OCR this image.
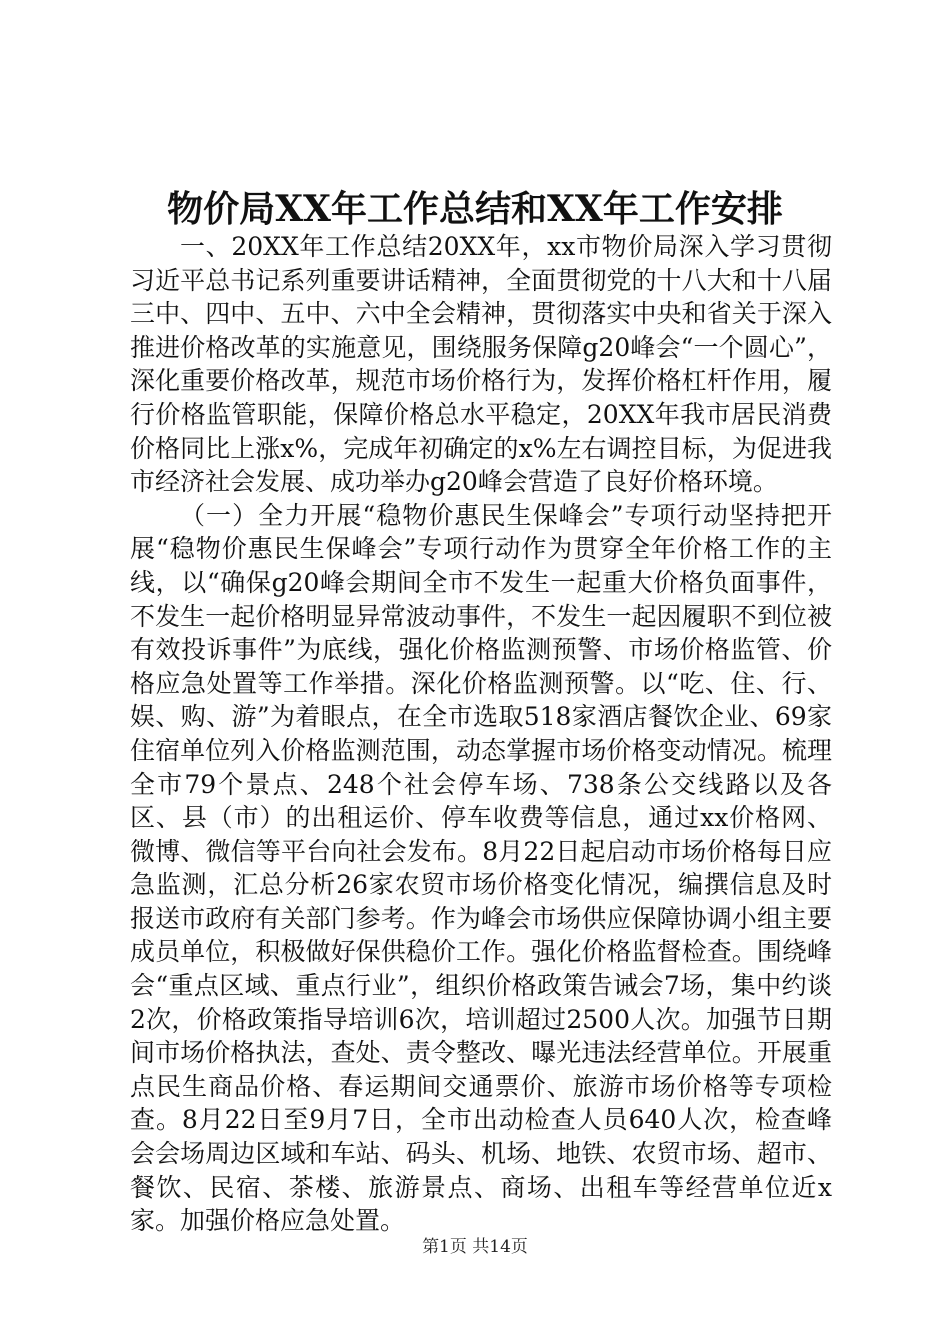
物价局XX年工作总结和XX年工作安排

一、20XX年工作总结20XX年，xx市物价局深入学习贯彻习近平总书记系列重要讲话精神，全面贯彻党的十八大和十八届三中、四中、五中、六中全会精神，贯彻落实中央和省关于深入推进价格改革的实施意见，围绕服务保障g20峰会“一个圆心”，深化重要价格改革，规范市场价格行为，发挥价格杠杆作用，履行价格监管职能，保障价格总水平稳定，20XX年我市居民消费价格同比上涨x%，完成年初确定的x%左右调控目标，为促进我市经济社会发展、成功举办g20峰会营造了良好价格环境。

（一）全力开展“稳物价惠民生保峰会”专项行动坚持把开展“稳物价惠民生保峰会”专项行动作为贯穿全年价格工作的主线，以“确保g20峰会期间全市不发生一起重大价格负面事件，不发生一起价格明显异常波动事件，不发生一起因履职不到位被有效投诉事件”为底线，强化价格监测预警、市场价格监管、价格应急处置等工作举措。深化价格监测预警。以“吃、住、行、娱、购、游”为着眼点，在全市选取518家酒店餐饮企业、69家住宿单位列入价格监测范围，动态掌握市场价格变动情况。梳理全市79个景点、248个社会停车场、738条公交线路以及各区、县（市）的出租运价、停车收费等信息，通过xx价格网、微博、微信等平台向社会发布。8月22日起启动市场价格每日应急监测，汇总分析26家农贸市场价格变化情况，编撰信息及时报送市政府有关部门参考。作为峰会市场供应保障协调小组主要成员单位，积极做好保供稳价工作。强化价格监督检查。围绕峰会“重点区域、重点行业”，组织价格政策告诫会7场，集中约谈2次，价格政策指导培训6次，培训超过2500人次。加强节日期间市场价格执法，查处、责令整改、曝光违法经营单位。开展重点民生商品价格、春运期间交通票价、旅游市场价格等专项检查。8月22日至9月7日，全市出动检查人员640人次，检查峰会会场周边区域和车站、码头、机场、地铁、农贸市场、超市、餐饮、民宿、茶楼、旅游景点、商场、出租车等经营单位近x家。加强价格应急处置。

第1页 共14页
